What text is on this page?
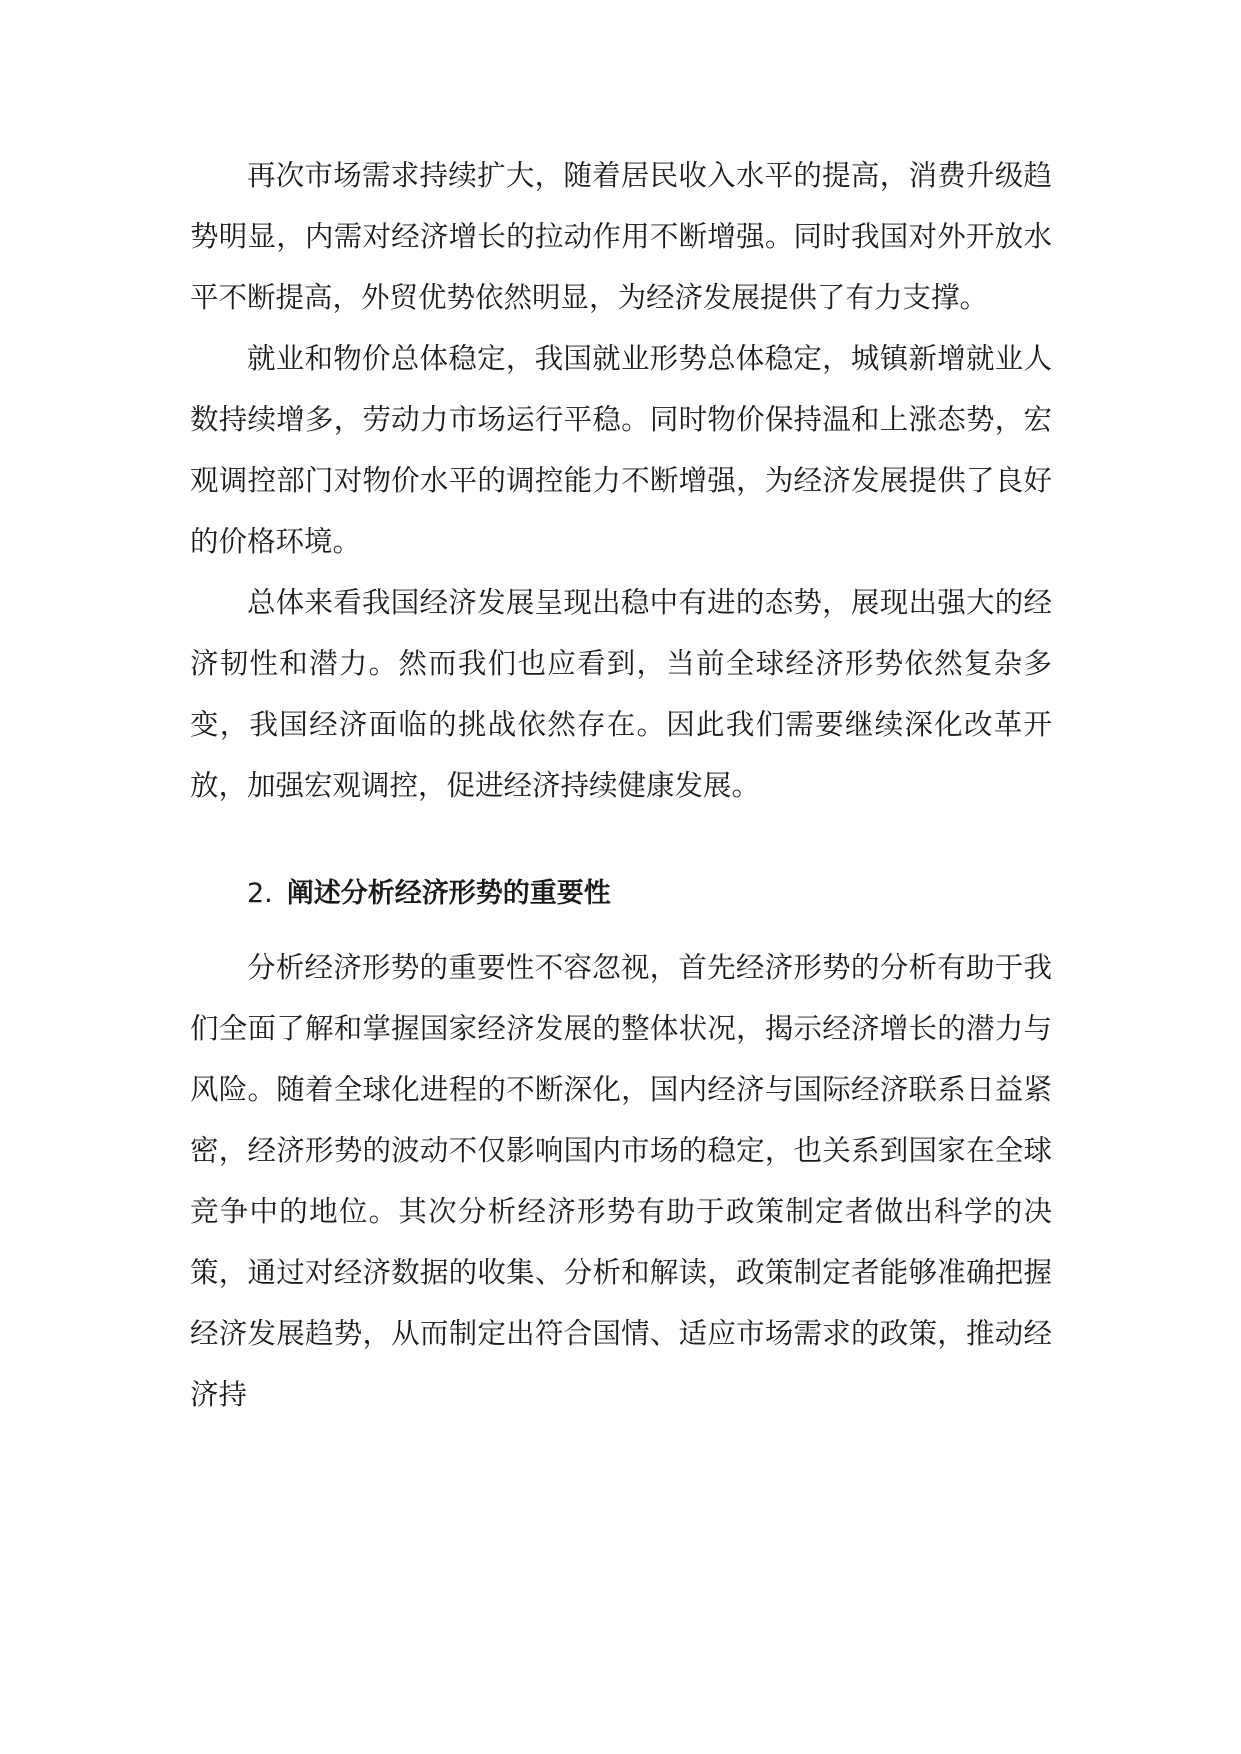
再次市场需求持续扩大，随着居民收入水平的提高，消费升级趋势明显，内需对经济增长的拉动作用不断增强。同时我国对外开放水平不断提高，外贸优势依然明显，为经济发展提供了有力支撑。

就业和物价总体稳定，我国就业形势总体稳定，城镇新增就业人数持续增多，劳动力市场运行平稳。同时物价保持温和上涨态势，宏观调控部门对物价水平的调控能力不断增强，为经济发展提供了良好的价格环境。

总体来看我国经济发展呈现出稳中有进的态势，展现出强大的经济韧性和潜力。然而我们也应看到，当前全球经济形势依然复杂多变，我国经济面临的挑战依然存在。因此我们需要继续深化改革开放，加强宏观调控，促进经济持续健康发展。

2. 阐述分析经济形势的重要性

分析经济形势的重要性不容忽视，首先经济形势的分析有助于我们全面了解和掌握国家经济发展的整体状况，揭示经济增长的潜力与风险。随着全球化进程的不断深化，国内经济与国际经济联系日益紧密，经济形势的波动不仅影响国内市场的稳定，也关系到国家在全球竞争中的地位。其次分析经济形势有助于政策制定者做出科学的决策，通过对经济数据的收集、分析和解读，政策制定者能够准确把握经济发展趋势，从而制定出符合国情、适应市场需求的政策，推动经济持
